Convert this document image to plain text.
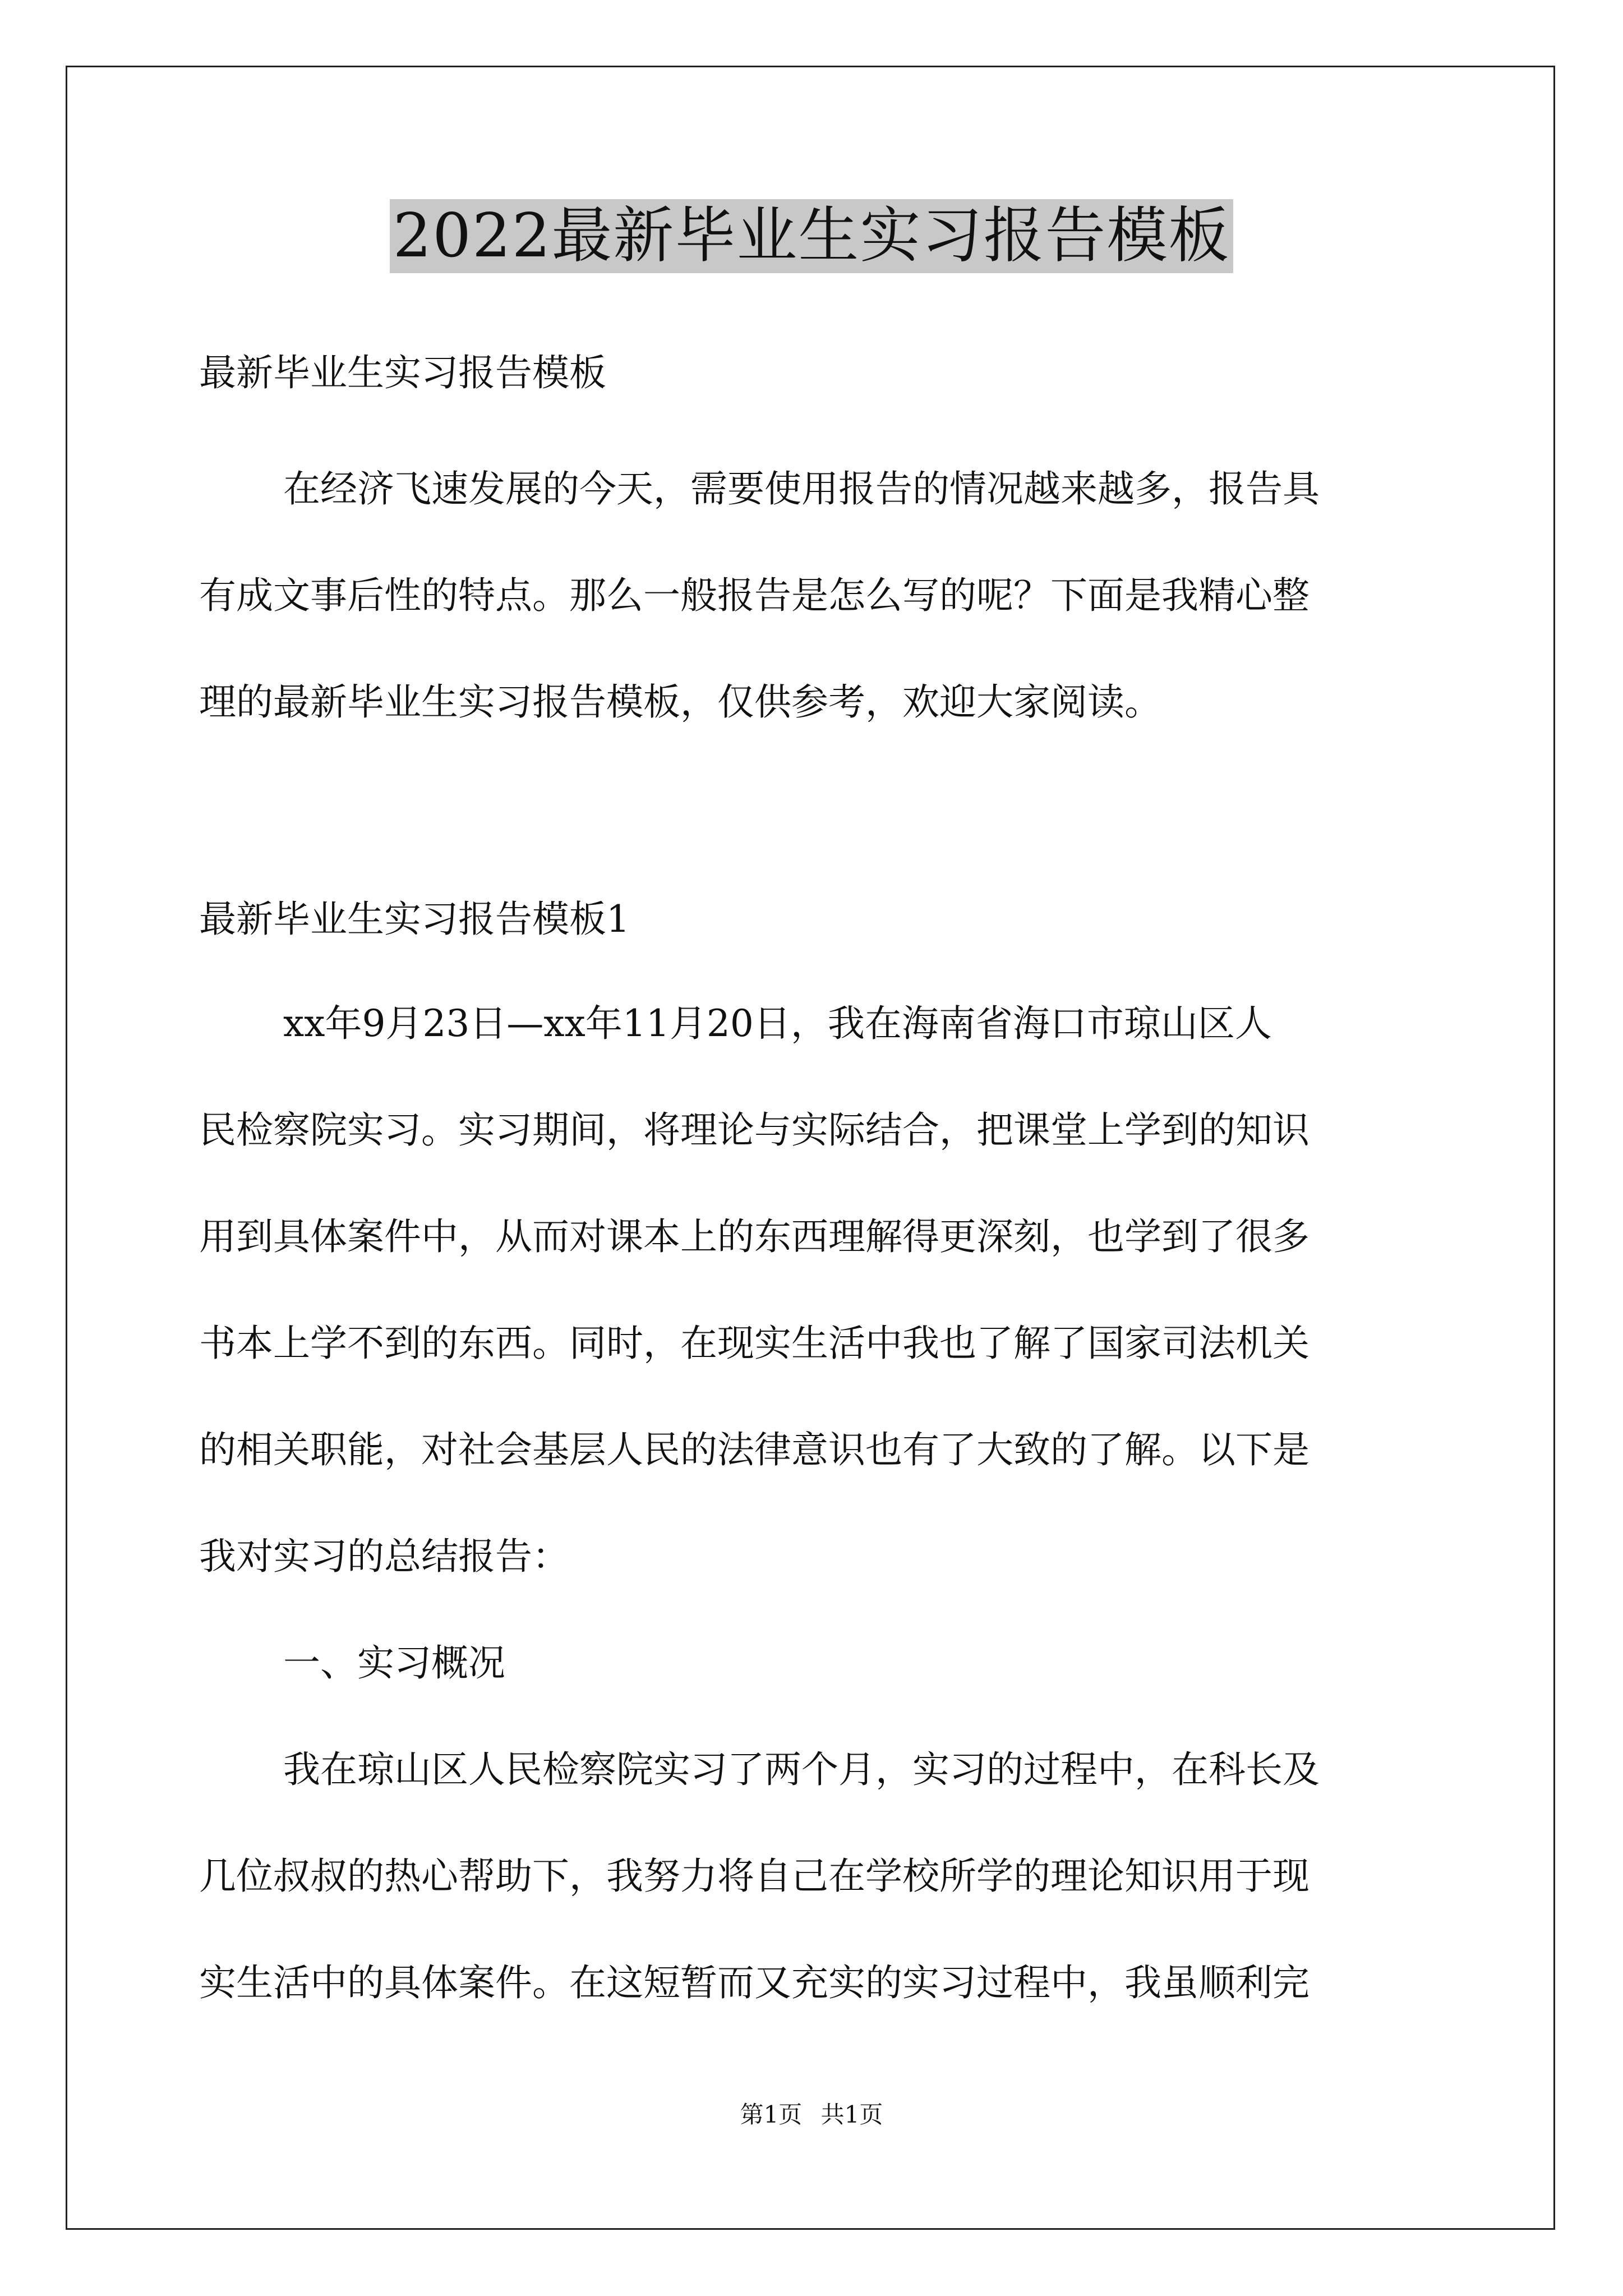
2022最新毕业生实习报告模板

最新毕业生实习报告模板

在经济飞速发展的今天，需要使用报告的情况越来越多，报告具

有成文事后性的特点。那么一般报告是怎么写的呢？下面是我精心整

理的最新毕业生实习报告模板，仅供参考，欢迎大家阅读。

最新毕业生实习报告模板1

xx年9月23日—xx年11月20日，我在海南省海口市琼山区人

民检察院实习。实习期间，将理论与实际结合，把课堂上学到的知识

用到具体案件中，从而对课本上的东西理解得更深刻，也学到了很多

书本上学不到的东西。同时，在现实生活中我也了解了国家司法机关

的相关职能，对社会基层人民的法律意识也有了大致的了解。以下是

我对实习的总结报告：

一、实习概况

我在琼山区人民检察院实习了两个月，实习的过程中，在科长及

几位叔叔的热心帮助下，我努力将自己在学校所学的理论知识用于现

实生活中的具体案件。在这短暂而又充实的实习过程中，我虽顺利完

第1页 共1页
